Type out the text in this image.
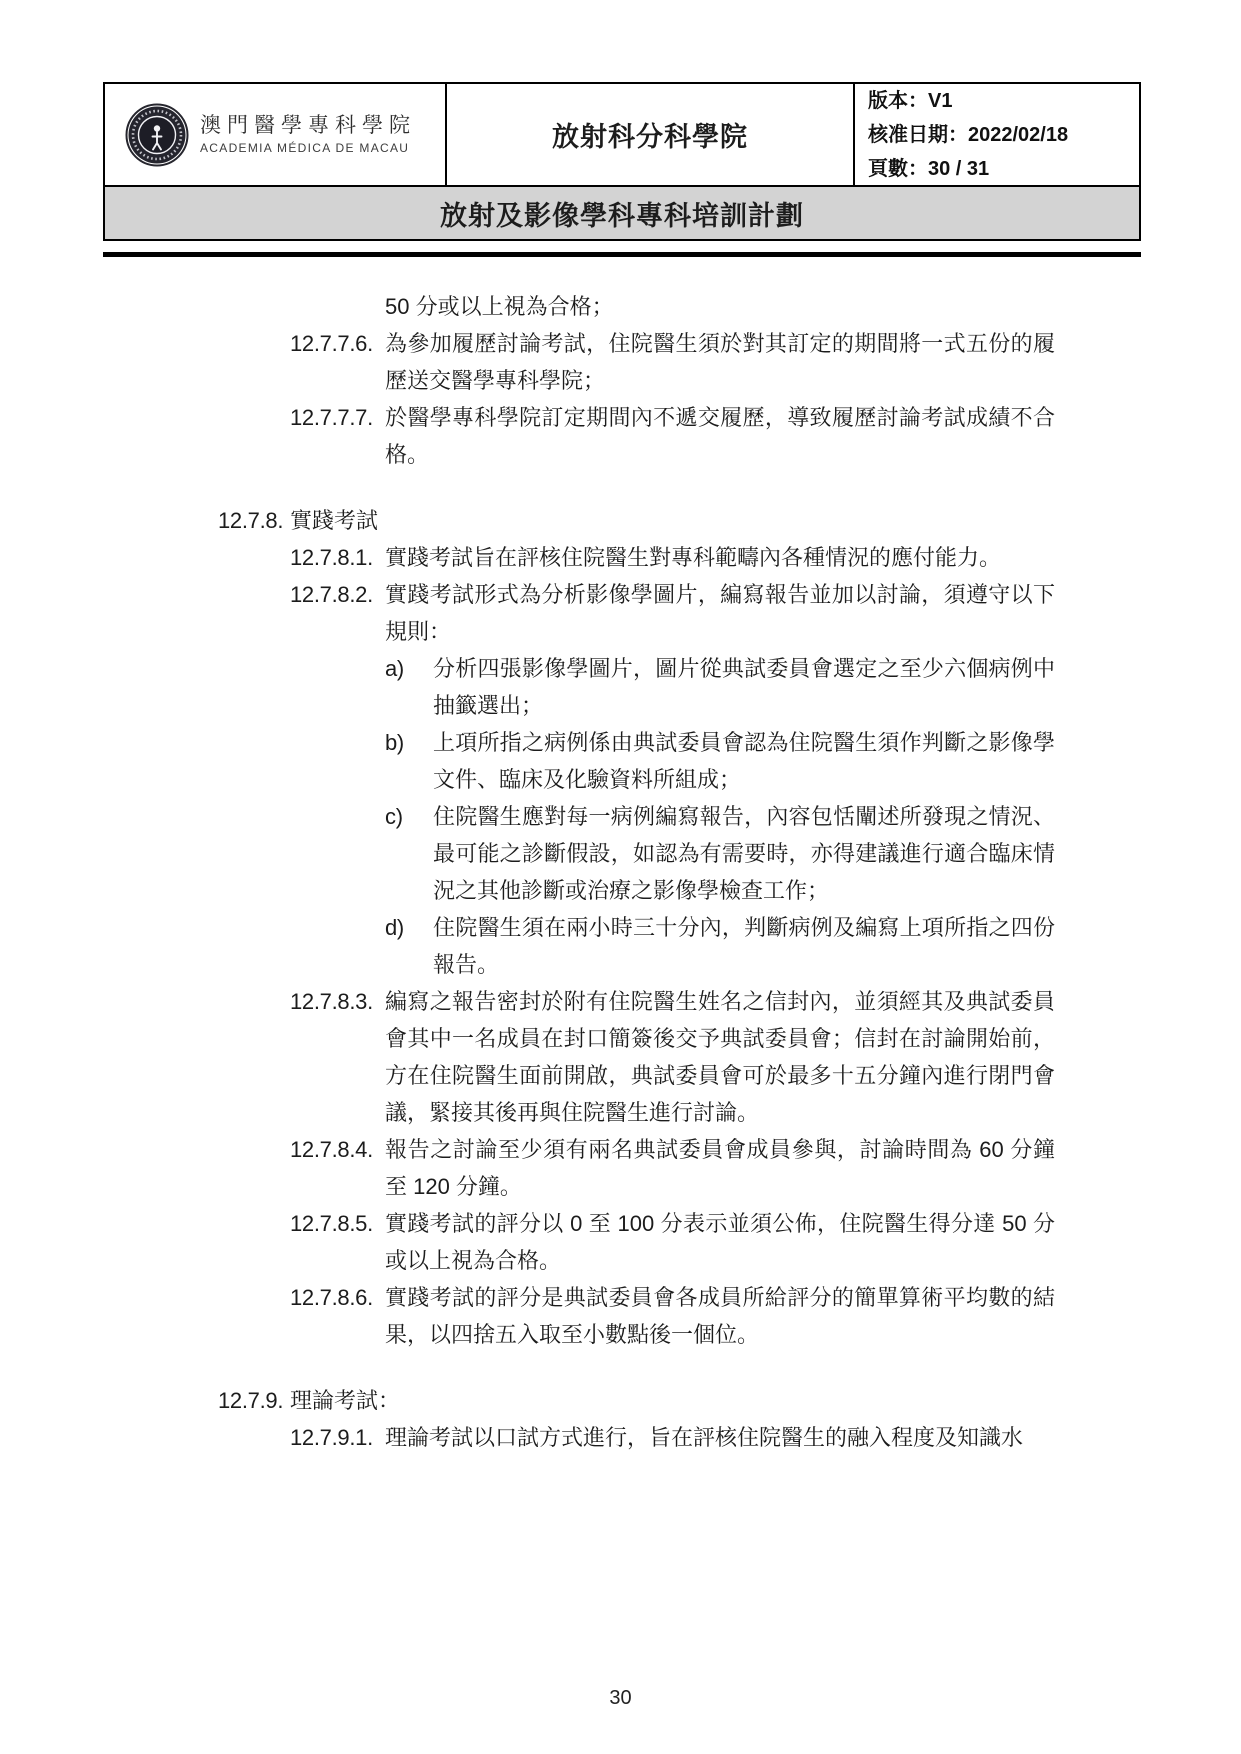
澳門醫學專科學院
ACADEMIA MÉDICA DE MACAU	放射科分科學院
版本：V1
核准日期：2022/02/18
頁數：30 / 31
放射及影像學科專科培訓計劃
50 分或以上視為合格；
12.7.7.6. 為參加履歷討論考試，住院醫生須於對其訂定的期間將一式五份的履歷送交醫學專科學院；
12.7.7.7. 於醫學專科學院訂定期間內不遞交履歷，導致履歷討論考試成績不合格。
12.7.8. 實踐考試
12.7.8.1. 實踐考試旨在評核住院醫生對專科範疇內各種情況的應付能力。
12.7.8.2. 實踐考試形式為分析影像學圖片，編寫報告並加以討論，須遵守以下規則：
a)	分析四張影像學圖片，圖片從典試委員會選定之至少六個病例中抽籤選出；
b)	上項所指之病例係由典試委員會認為住院醫生須作判斷之影像學文件、臨床及化驗資料所組成；
c)	住院醫生應對每一病例編寫報告，內容包恬闡述所發現之情況、最可能之診斷假設，如認為有需要時，亦得建議進行適合臨床情況之其他診斷或治療之影像學檢查工作；
d)	住院醫生須在兩小時三十分內，判斷病例及編寫上項所指之四份報告。
12.7.8.3. 編寫之報告密封於附有住院醫生姓名之信封內，並須經其及典試委員會其中一名成員在封口簡簽後交予典試委員會；信封在討論開始前，方在住院醫生面前開啟，典試委員會可於最多十五分鐘內進行閉門會議，緊接其後再與住院醫生進行討論。
12.7.8.4. 報告之討論至少須有兩名典試委員會成員參與，討論時間為 60 分鐘至 120 分鐘。
12.7.8.5. 實踐考試的評分以 0 至 100 分表示並須公佈，住院醫生得分達 50 分或以上視為合格。
12.7.8.6. 實踐考試的評分是典試委員會各成員所給評分的簡單算術平均數的結果，以四捨五入取至小數點後一個位。
12.7.9. 理論考試：
12.7.9.1. 理論考試以口試方式進行，旨在評核住院醫生的融入程度及知識水
30
